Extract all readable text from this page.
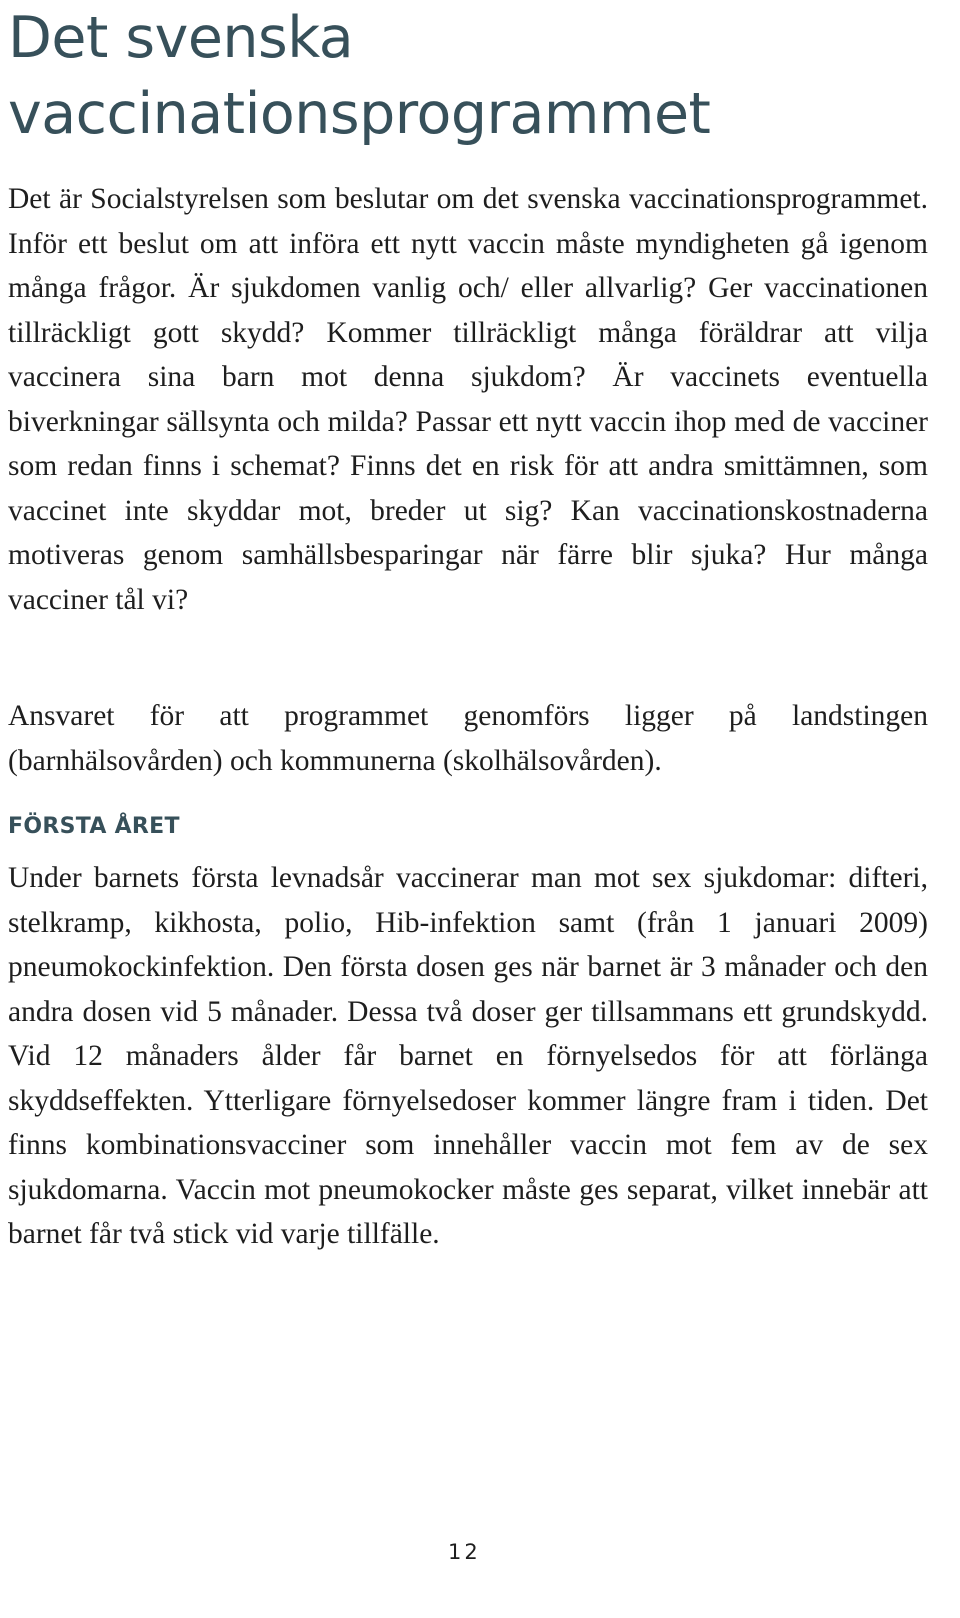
Det svenska vaccinationsprogrammet

Det är Socialstyrelsen som beslutar om det svenska vaccinationsprogrammet. Inför ett beslut om att införa ett nytt vaccin måste myndigheten gå igenom många frågor. Är sjukdomen vanlig och/ eller allvarlig? Ger vaccinationen tillräckligt gott skydd? Kommer tillräckligt många föräldrar att vilja vaccinera sina barn mot denna sjukdom? Är vaccinets eventuella biverkningar sällsynta och milda? Passar ett nytt vaccin ihop med de vacciner som redan finns i schemat? Finns det en risk för att andra smittämnen, som vaccinet inte skyddar mot, breder ut sig? Kan vaccinationskostnaderna motiveras genom samhällsbesparingar när färre blir sjuka? Hur många vacciner tål vi?

Ansvaret för att programmet genomförs ligger på landstingen (barnhälsovården) och kommunerna (skolhälsovården).

FÖRSTA ÅRET

Under barnets första levnadsår vaccinerar man mot sex sjukdomar: difteri, stelkramp, kikhosta, polio, Hib-infektion samt (från 1 januari 2009) pneumokockinfektion. Den första dosen ges när barnet är 3 månader och den andra dosen vid 5 månader. Dessa två doser ger tillsammans ett grundskydd. Vid 12 månaders ålder får barnet en förnyelsedos för att förlänga skyddseffekten. Ytterligare förnyelsedoser kommer längre fram i tiden. Det finns kombinationsvacciner som innehåller vaccin mot fem av de sex sjukdomarna. Vaccin mot pneumokocker måste ges separat, vilket innebär att barnet får två stick vid varje tillfälle.

12
